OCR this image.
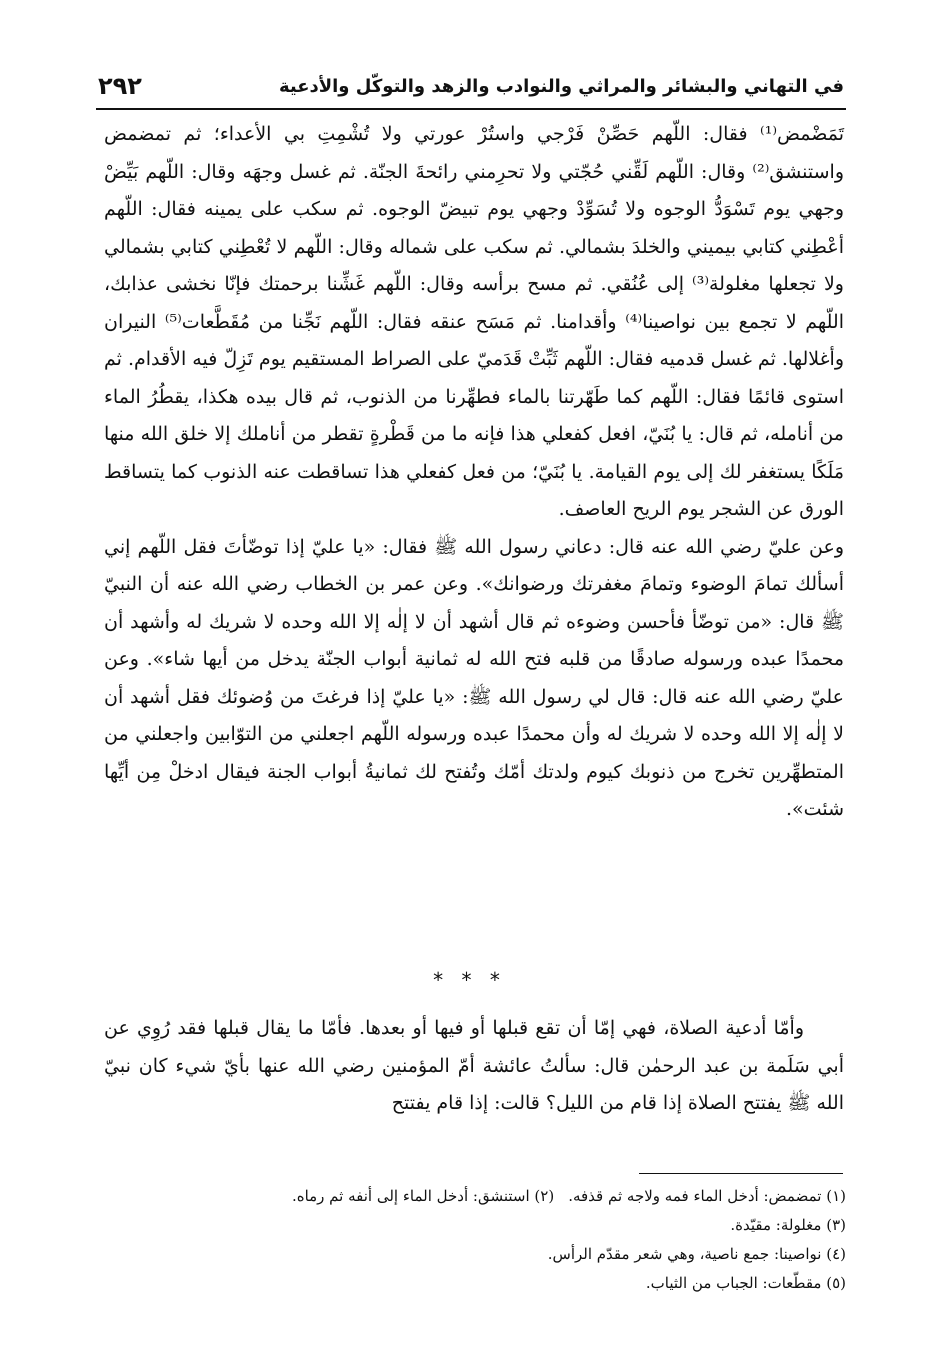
في التهاني والبشائر والمراثي والنوادب والزهد والتوكّل والأدعية
٢٩٢

تَمَضْمض⁽¹⁾ فقال: اللّهم حَصِّنْ فَرْجي واستُرْ عورتي ولا تُشْمِتِ بي الأعداء؛ ثم تمضمض واستنشق⁽²⁾ وقال: اللّهم لَقِّني حُجّتي ولا تحرِمني رائحةَ الجنّة. ثم غسل وجهَه وقال: اللّهم بَيِّضْ وجهي يوم تَسْوَدُّ الوجوه ولا تُسَوِّدْ وجهي يوم تبيضّ الوجوه. ثم سكب على يمينه فقال: اللّهم أعْطِني كتابي بيميني والخلدَ بشمالي. ثم سكب على شماله وقال: اللّهم لا تُعْطِني كتابي بشمالي ولا تجعلها مغلولة⁽³⁾ إلى عُنُقي. ثم مسح برأسه وقال: اللّهم غَشِّنا برحمتك فإنّا نخشى عذابك، اللّهم لا تجمع بين نواصينا⁽⁴⁾ وأقدامنا. ثم مَسَح عنقه فقال: اللّهم نَجِّنا من مُقَطَّعات⁽⁵⁾ النيران وأغلالها. ثم غسل قدميه فقال: اللّهم ثَبِّتْ قَدَميّ على الصراط المستقيم يوم تَزِلّ فيه الأقدام. ثم استوى قائمًا فقال: اللّهم كما طَهّرتنا بالماء فطهِّرنا من الذنوب، ثم قال بيده هكذا، يقطُرُ الماء من أنامله، ثم قال: يا بُنَيّ، افعل كفعلي هذا فإنه ما من قَطْرةٍ تقطر من أناملك إلا خلق الله منها مَلَكًا يستغفر لك إلى يوم القيامة. يا بُنَيّ؛ من فعل كفعلي هذا تساقطت عنه الذنوب كما يتساقط الورق عن الشجر يوم الريح العاصف.

وعن عليّ رضي الله عنه قال: دعاني رسول الله ﷺ فقال: «يا عليّ إذا توضّأتَ فقل اللّهم إني أسألك تمامَ الوضوء وتمامَ مغفرتك ورضوانك». وعن عمر بن الخطاب رضي الله عنه أن النبيّ ﷺ قال: «من توضّأ فأحسن وضوءه ثم قال أشهد أن لا إلٰه إلا الله وحده لا شريك له وأشهد أن محمدًا عبده ورسوله صادقًا من قلبه فتح الله له ثمانية أبواب الجنّة يدخل من أيها شاء». وعن عليّ رضي الله عنه قال: قال لي رسول الله ﷺ: «يا عليّ إذا فرغتَ من وُضوئك فقل أشهد أن لا إلٰه إلا الله وحده لا شريك له وأن محمدًا عبده ورسوله اللّهم اجعلني من التوّابين واجعلني من المتطهِّرين تخرج من ذنوبك كيوم ولدتك أمّك وتُفتح لك ثمانيةُ أبواب الجنة فيقال ادخلْ مِن أيِّها شئت».

* * *

وأمّا أدعية الصلاة، فهي إمّا أن تقع قبلها أو فيها أو بعدها. فأمّا ما يقال قبلها فقد رُوِي عن أبي سَلَمة بن عبد الرحمٰن قال: سألتُ عائشة أمّ المؤمنين رضي الله عنها بأيّ شيء كان نبيّ الله ﷺ يفتتح الصلاة إذا قام من الليل؟ قالت: إذا قام يفتتح

(١) تمضمض: أدخل الماء فمه ولاجه ثم قذفه.(٢) استنشق: أدخل الماء إلى أنفه ثم رماه.

(٣) مغلولة: مقيّدة.

(٤) نواصينا: جمع ناصية، وهي شعر مقدّم الرأس.

(٥) مقطّعات: الجباب من الثياب.
